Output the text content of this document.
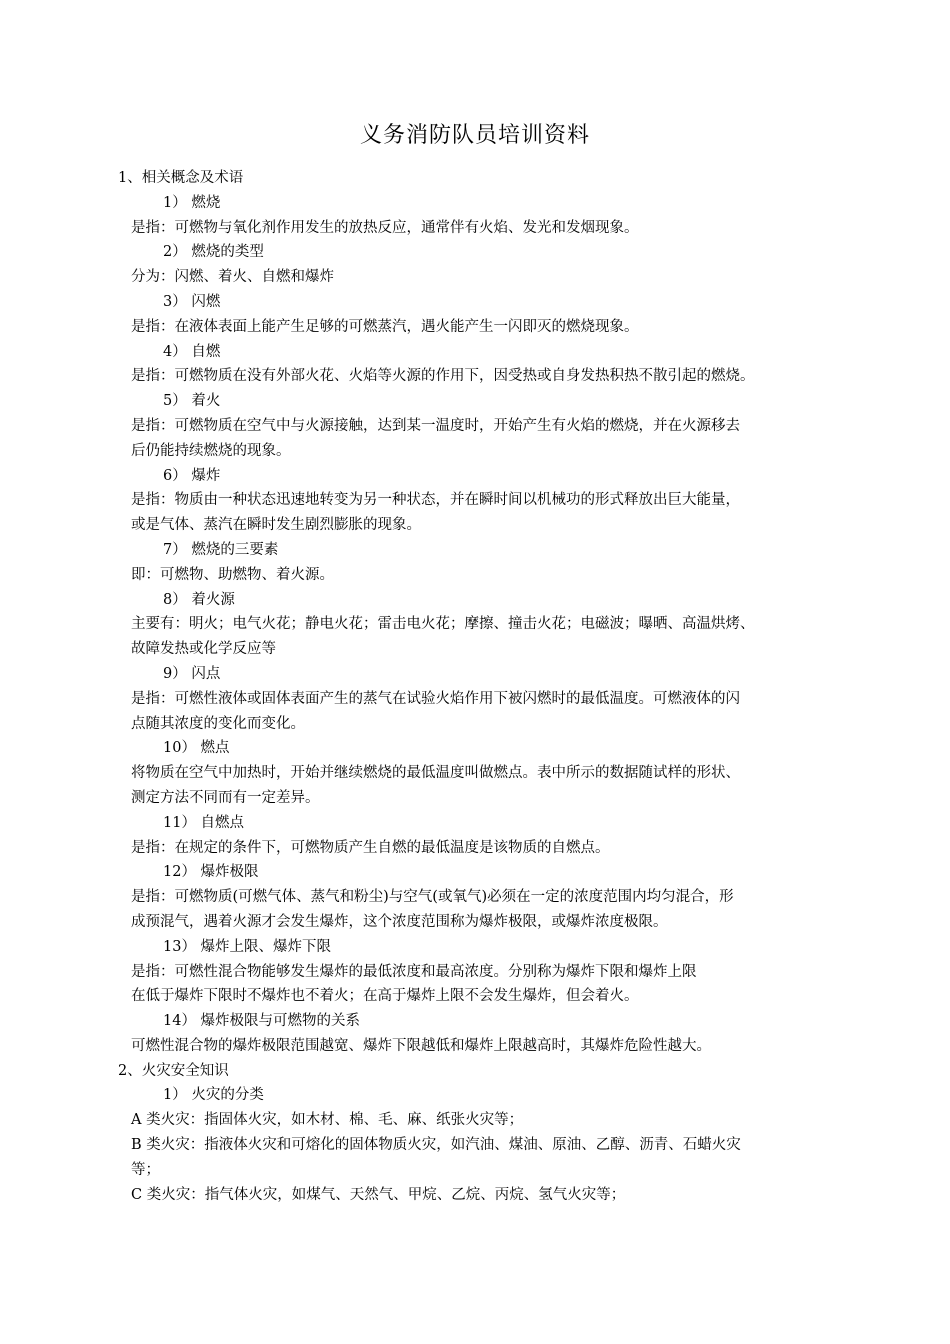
义务消防队员培训资料
1、相关概念及术语
1） 燃烧
是指：可燃物与氧化剂作用发生的放热反应，通常伴有火焰、发光和发烟现象。
2） 燃烧的类型
分为：闪燃、着火、自燃和爆炸
3） 闪燃
是指：在液体表面上能产生足够的可燃蒸汽，遇火能产生一闪即灭的燃烧现象。
4） 自燃
是指：可燃物质在没有外部火花、火焰等火源的作用下，因受热或自身发热积热不散引起的燃烧。
5） 着火
是指：可燃物质在空气中与火源接触，达到某一温度时，开始产生有火焰的燃烧，并在火源移去
后仍能持续燃烧的现象。
6） 爆炸
是指：物质由一种状态迅速地转变为另一种状态，并在瞬时间以机械功的形式释放出巨大能量，
或是气体、蒸汽在瞬时发生剧烈膨胀的现象。
7） 燃烧的三要素
即：可燃物、助燃物、着火源。
8） 着火源
主要有：明火；电气火花；静电火花；雷击电火花；摩擦、撞击火花；电磁波；曝晒、高温烘烤、
故障发热或化学反应等
9） 闪点
是指：可燃性液体或固体表面产生的蒸气在试验火焰作用下被闪燃时的最低温度。可燃液体的闪
点随其浓度的变化而变化。
10） 燃点
将物质在空气中加热时，开始并继续燃烧的最低温度叫做燃点。表中所示的数据随试样的形状、
测定方法不同而有一定差异。
11） 自燃点
是指：在规定的条件下，可燃物质产生自燃的最低温度是该物质的自燃点。
12） 爆炸极限
是指：可燃物质(可燃气体、蒸气和粉尘)与空气(或氧气)必须在一定的浓度范围内均匀混合，形
成预混气，遇着火源才会发生爆炸，这个浓度范围称为爆炸极限，或爆炸浓度极限。
13） 爆炸上限、爆炸下限
是指：可燃性混合物能够发生爆炸的最低浓度和最高浓度。分别称为爆炸下限和爆炸上限
在低于爆炸下限时不爆炸也不着火；在高于爆炸上限不会发生爆炸，但会着火。
14） 爆炸极限与可燃物的关系
可燃性混合物的爆炸极限范围越宽、爆炸下限越低和爆炸上限越高时，其爆炸危险性越大。
2、火灾安全知识
1） 火灾的分类
A 类火灾：指固体火灾，如木材、棉、毛、麻、纸张火灾等；
B 类火灾：指液体火灾和可熔化的固体物质火灾，如汽油、煤油、原油、乙醇、沥青、石蜡火灾
等；
C 类火灾：指气体火灾，如煤气、天然气、甲烷、乙烷、丙烷、氢气火灾等；
